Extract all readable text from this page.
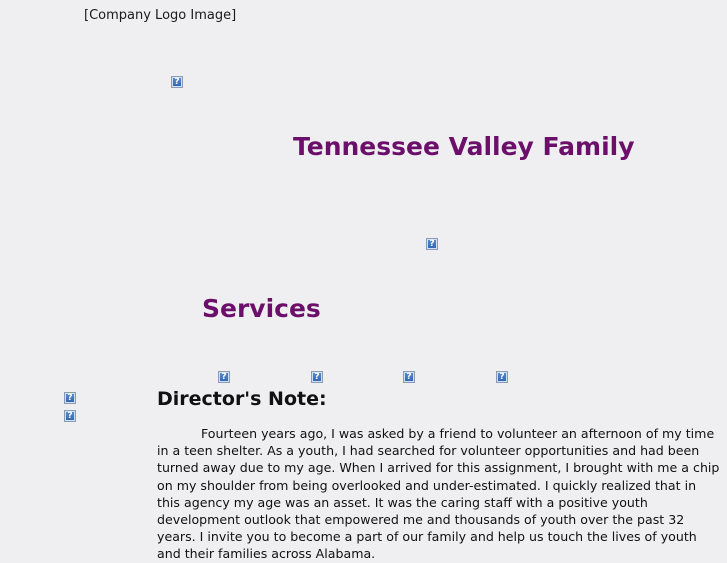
[Company Logo Image]
?
Tennessee Valley Family
?
Services
?	?	?	?
?
?
Director's Note:

Fourteen years ago, I was asked by a friend to volunteer an afternoon of my time in a teen shelter. As a youth, I had searched for volunteer opportunities and had been turned away due to my age. When I arrived for this assignment, I brought with me a chip on my shoulder from being overlooked and under-estimated. I quickly realized that in this agency my age was an asset. It was the caring staff with a positive youth development outlook that empowered me and thousands of youth over the past 32 years. I invite you to become a part of our family and help us touch the lives of youth and their families across Alabama.
